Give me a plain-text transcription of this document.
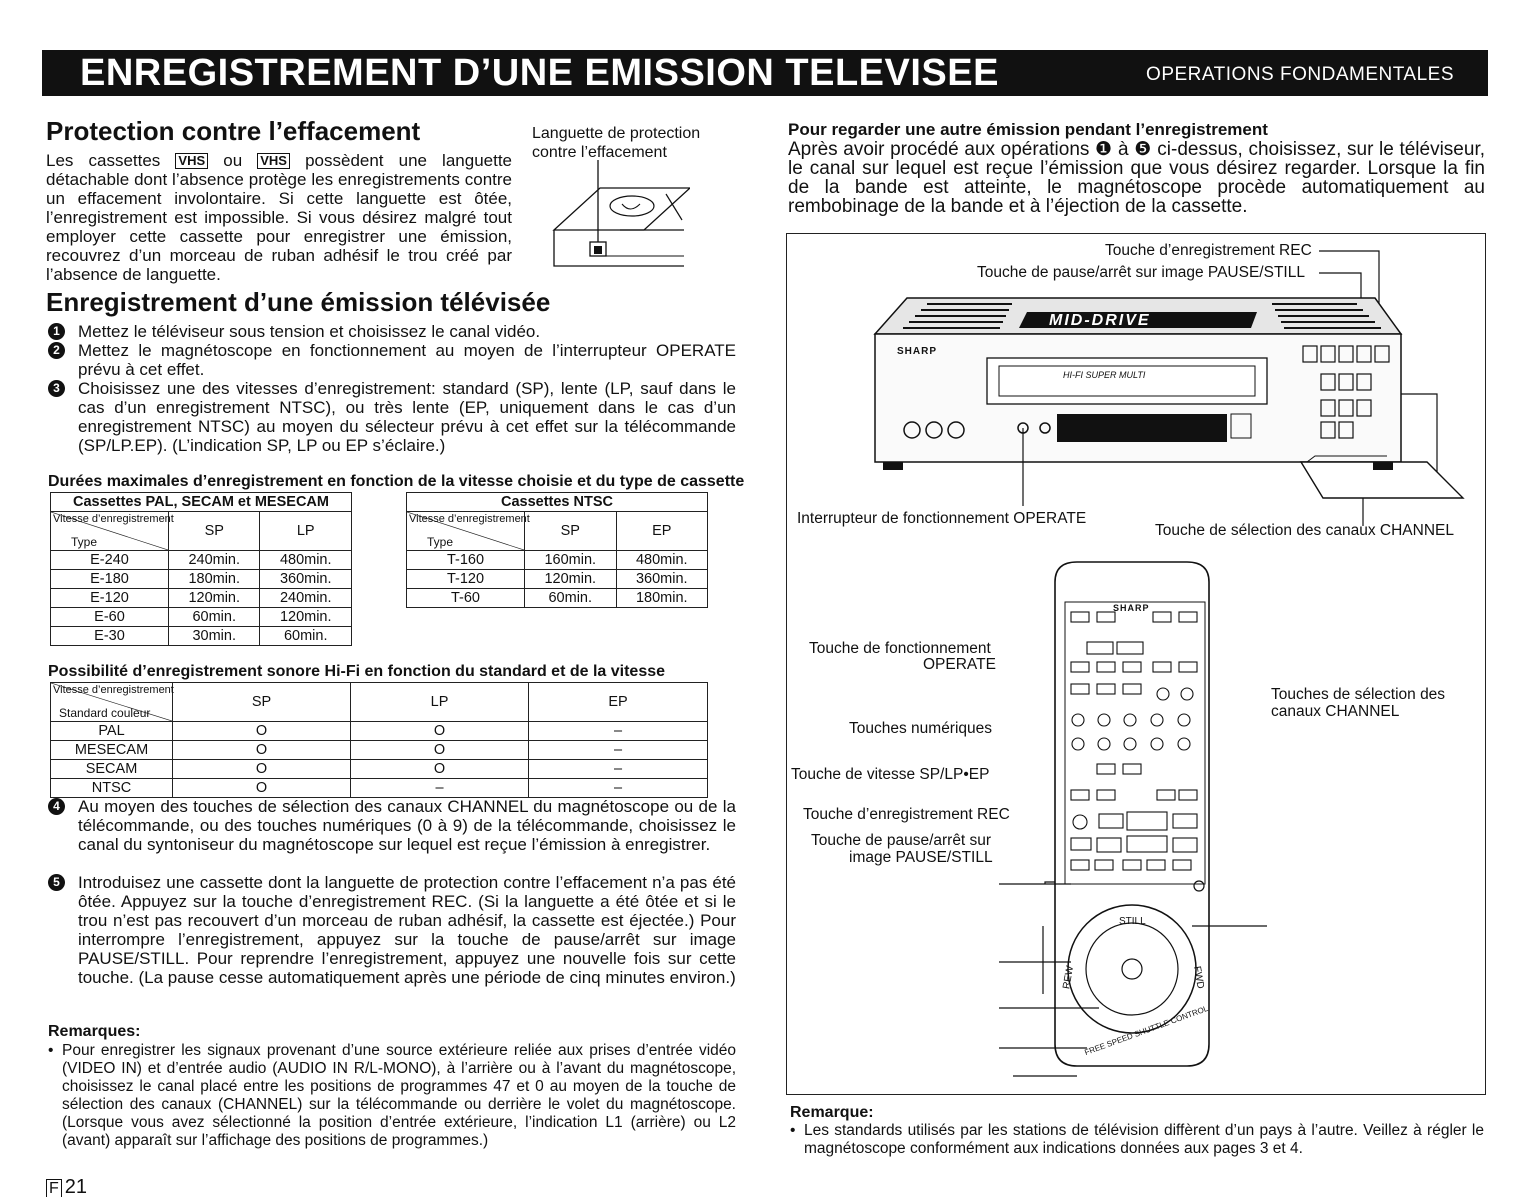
ENREGISTREMENT D’UNE EMISSION TELEVISEE	OPERATIONS FONDAMENTALES
Protection contre l’effacement
Les cassettes VHS ou VHS possèdent une languette détachable dont l’absence protège les enregistrements contre un effacement involontaire. Si cette languette est ôtée, l’enregistrement est impossible. Si vous désirez malgré tout employer cette cassette pour enregistrer une émission, recouvrez d’un morceau de ruban adhésif le trou créé par l’absence de languette.
Languette de protection contre l’effacement
Enregistrement d’une émission télévisée
1	Mettez le téléviseur sous tension et choisissez le canal vidéo.
2	Mettez le magnétoscope en fonctionnement au moyen de l’interrupteur OPERATE prévu à cet effet.
3	Choisissez une des vitesses d’enregistrement: standard (SP), lente (LP, sauf dans le cas d’un enregistrement NTSC), ou très lente (EP, uniquement dans le cas d’un enregistrement NTSC) au moyen du sélecteur prévu à cet effet sur la télécommande (SP/LP.EP). (L’indication SP, LP ou EP s’éclaire.)
Durées maximales d’enregistrement en fonction de la vitesse choisie et du type de cassette
Cassettes PAL, SECAM et MESECAM		

Vitesse d’enregistrement
Type	SP	LP
E-240	240min.	480min.
E-180	180min.	360min.
E-120	120min.	240min.
E-60	60min.	120min.
E-30	30min.	60min.
Cassettes NTSC		

Vitesse d’enregistrement
Type	SP	EP
T-160	160min.	480min.
T-120	120min.	360min.
T-60	60min.	180min.
Possibilité d’enregistrement sonore Hi-Fi en fonction du standard et de la vitesse
Vitesse d’enregistrement
Standard couleur	SP	LP	EP
PAL	O	O	–
MESECAM	O	O	–
SECAM	O	O	–
NTSC	O	–	–
4	Au moyen des touches de sélection des canaux CHANNEL du magnétoscope ou de la télécommande, ou des touches numériques (0 à 9) de la télécommande, choisissez le canal du syntoniseur du magnétoscope sur lequel est reçue l’émission à enregistrer.
5	Introduisez une cassette dont la languette de protection contre l’effacement n’a pas été ôtée. Appuyez sur la touche d’enregistrement REC. (Si la languette a été ôtée et si le trou n’est pas recouvert d’un morceau de ruban adhésif, la cassette est éjectée.) Pour interrompre l’enregistrement, appuyez sur la touche de pause/arrêt sur image PAUSE/STILL. Pour reprendre l’enregistrement, appuyez une nouvelle fois sur cette touche. (La pause cesse automatiquement après une période de cinq minutes environ.)
Remarques:
• Pour enregistrer les signaux provenant d’une source extérieure reliée aux prises d’entrée vidéo (VIDEO IN) et d’entrée audio (AUDIO IN R/L-MONO), à l’arrière ou à l’avant du magnétoscope, choisissez le canal placé entre les positions de programmes 47 et 0 au moyen de la touche de sélection des canaux (CHANNEL) sur la télécommande ou derrière le volet du magnétoscope. (Lorsque vous avez sélectionné la position d’entrée extérieure, l’indication L1 (arrière) ou L2 (avant) apparaît sur l’affichage des positions de programmes.)
F 21
Pour regarder une autre émission pendant l’enregistrement
Après avoir procédé aux opérations ❶ à ❺ ci-dessus, choisissez, sur le téléviseur, le canal sur lequel est reçue l’émission que vous désirez regarder. Lorsque la fin de la bande est atteinte, le magnétoscope procède automatiquement au rembobinage de la bande et à l’éjection de la cassette.
Touche d’enregistrement REC
Touche de pause/arrêt sur image PAUSE/STILL
SHARP
MID-DRIVE
HI-FI SUPER MULTI
Interrupteur de fonctionnement OPERATE
Touche de sélection des canaux CHANNEL
SHARP
Touche de fonctionnement
OPERATE
Touches numériques
Touche de vitesse SP/LP•EP
Touche d’enregistrement REC
Touche de pause/arrêt sur
image PAUSE/STILL
Touches de sélection des
canaux CHANNEL
STILL
REW	FWD
FREE SPEED SHUTTLE CONTROL
Remarque:
• Les standards utilisés par les stations de télévision diffèrent d’un pays à l’autre. Veillez à régler le magnétoscope conformément aux indications données aux pages 3 et 4.
